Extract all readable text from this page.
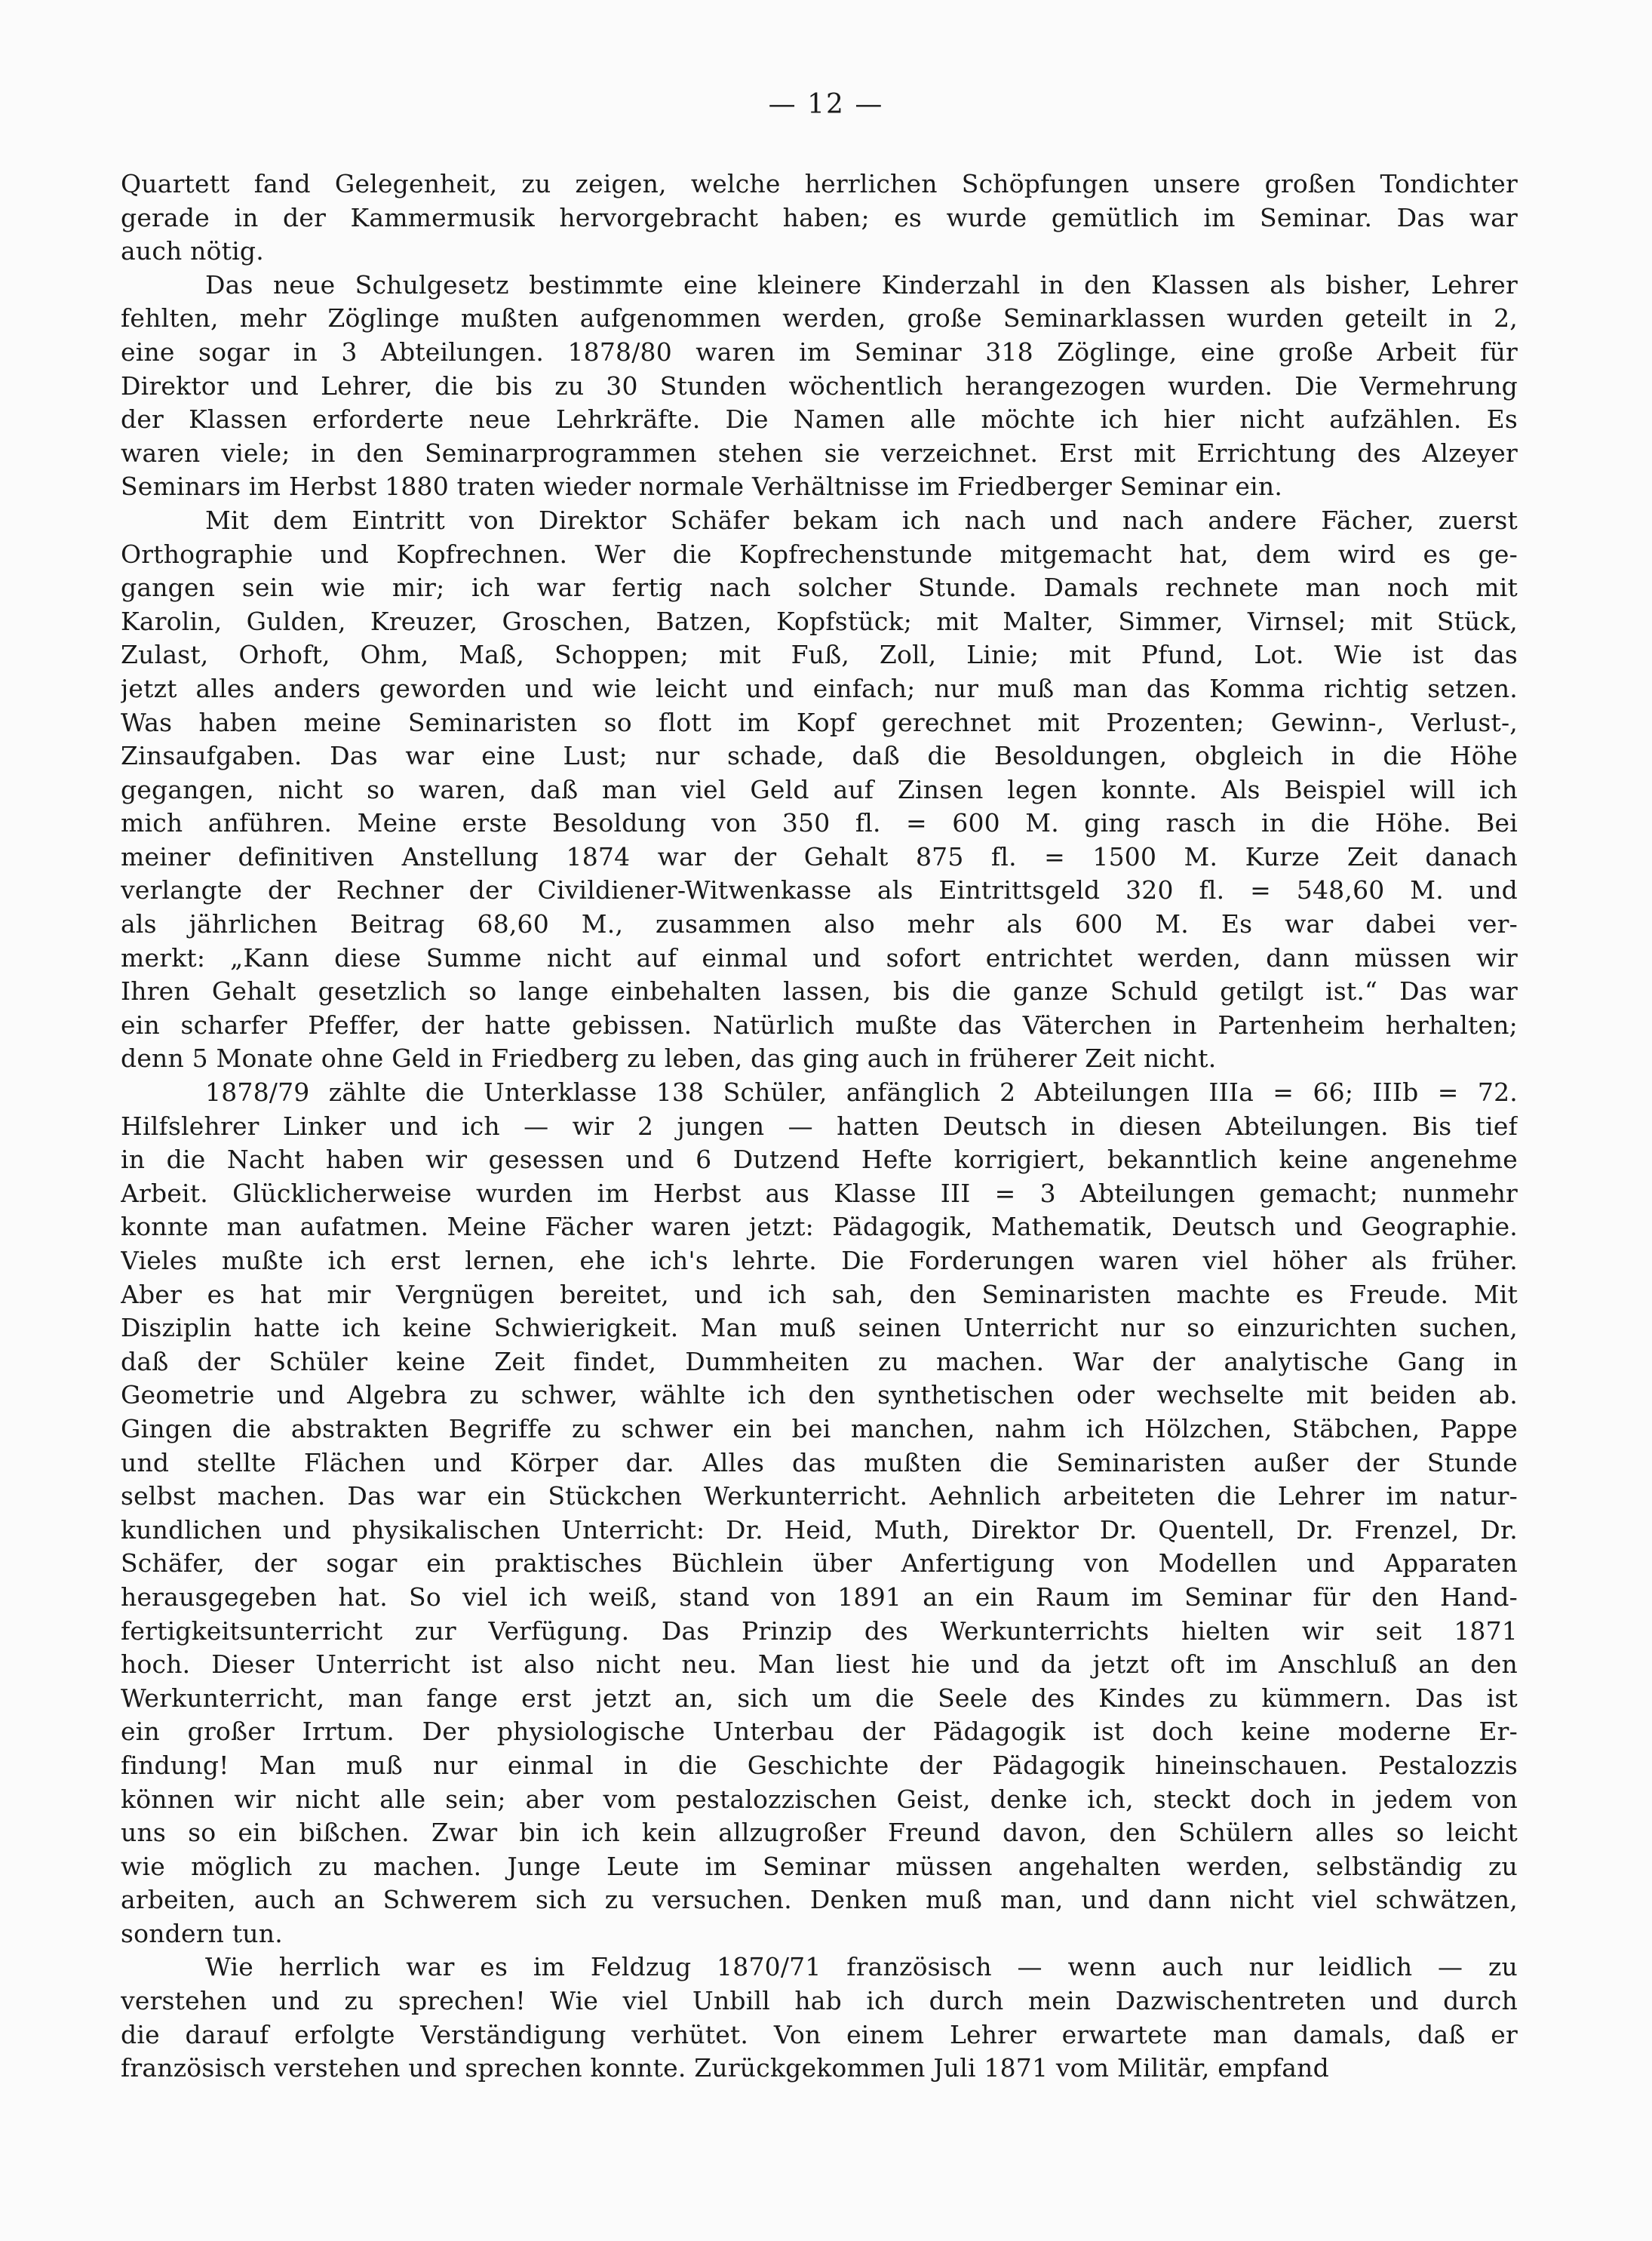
— 12 —

Quartett fand Gelegenheit, zu zeigen, welche herrlichen Schöpfungen unsere großen Tondichter
gerade in der Kammermusik hervorgebracht haben; es wurde gemütlich im Seminar. Das war
auch nötig.

Das neue Schulgesetz bestimmte eine kleinere Kinderzahl in den Klassen als bisher, Lehrer
fehlten, mehr Zöglinge mußten aufgenommen werden, große Seminarklassen wurden geteilt in 2,
eine sogar in 3 Abteilungen. 1878/80 waren im Seminar 318 Zöglinge, eine große Arbeit für
Direktor und Lehrer, die bis zu 30 Stunden wöchentlich herangezogen wurden. Die Vermehrung
der Klassen erforderte neue Lehrkräfte. Die Namen alle möchte ich hier nicht aufzählen. Es
waren viele; in den Seminarprogrammen stehen sie verzeichnet. Erst mit Errichtung des Alzeyer
Seminars im Herbst 1880 traten wieder normale Verhältnisse im Friedberger Seminar ein.

Mit dem Eintritt von Direktor Schäfer bekam ich nach und nach andere Fächer, zuerst
Orthographie und Kopfrechnen. Wer die Kopfrechenstunde mitgemacht hat, dem wird es ge-
gangen sein wie mir; ich war fertig nach solcher Stunde. Damals rechnete man noch mit
Karolin, Gulden, Kreuzer, Groschen, Batzen, Kopfstück; mit Malter, Simmer, Virnsel; mit Stück,
Zulast, Orhoft, Ohm, Maß, Schoppen; mit Fuß, Zoll, Linie; mit Pfund, Lot. Wie ist das
jetzt alles anders geworden und wie leicht und einfach; nur muß man das Komma richtig setzen.
Was haben meine Seminaristen so flott im Kopf gerechnet mit Prozenten; Gewinn-, Verlust-,
Zinsaufgaben. Das war eine Lust; nur schade, daß die Besoldungen, obgleich in die Höhe
gegangen, nicht so waren, daß man viel Geld auf Zinsen legen konnte. Als Beispiel will ich
mich anführen. Meine erste Besoldung von 350 fl. = 600 M. ging rasch in die Höhe. Bei
meiner definitiven Anstellung 1874 war der Gehalt 875 fl. = 1500 M. Kurze Zeit danach
verlangte der Rechner der Civildiener-Witwenkasse als Eintrittsgeld 320 fl. = 548,60 M. und
als jährlichen Beitrag 68,60 M., zusammen also mehr als 600 M. Es war dabei ver-
merkt: „Kann diese Summe nicht auf einmal und sofort entrichtet werden, dann müssen wir
Ihren Gehalt gesetzlich so lange einbehalten lassen, bis die ganze Schuld getilgt ist.“ Das war
ein scharfer Pfeffer, der hatte gebissen. Natürlich mußte das Väterchen in Partenheim herhalten;
denn 5 Monate ohne Geld in Friedberg zu leben, das ging auch in früherer Zeit nicht.

1878/79 zählte die Unterklasse 138 Schüler, anfänglich 2 Abteilungen IIIa = 66; IIIb = 72.
Hilfslehrer Linker und ich — wir 2 jungen — hatten Deutsch in diesen Abteilungen. Bis tief
in die Nacht haben wir gesessen und 6 Dutzend Hefte korrigiert, bekanntlich keine angenehme
Arbeit. Glücklicherweise wurden im Herbst aus Klasse III = 3 Abteilungen gemacht; nunmehr
konnte man aufatmen. Meine Fächer waren jetzt: Pädagogik, Mathematik, Deutsch und Geographie.
Vieles mußte ich erst lernen, ehe ich's lehrte. Die Forderungen waren viel höher als früher.
Aber es hat mir Vergnügen bereitet, und ich sah, den Seminaristen machte es Freude. Mit
Disziplin hatte ich keine Schwierigkeit. Man muß seinen Unterricht nur so einzurichten suchen,
daß der Schüler keine Zeit findet, Dummheiten zu machen. War der analytische Gang in
Geometrie und Algebra zu schwer, wählte ich den synthetischen oder wechselte mit beiden ab.
Gingen die abstrakten Begriffe zu schwer ein bei manchen, nahm ich Hölzchen, Stäbchen, Pappe
und stellte Flächen und Körper dar. Alles das mußten die Seminaristen außer der Stunde
selbst machen. Das war ein Stückchen Werkunterricht. Aehnlich arbeiteten die Lehrer im natur-
kundlichen und physikalischen Unterricht: Dr. Heid, Muth, Direktor Dr. Quentell, Dr. Frenzel, Dr.
Schäfer, der sogar ein praktisches Büchlein über Anfertigung von Modellen und Apparaten
herausgegeben hat. So viel ich weiß, stand von 1891 an ein Raum im Seminar für den Hand-
fertigkeitsunterricht zur Verfügung. Das Prinzip des Werkunterrichts hielten wir seit 1871
hoch. Dieser Unterricht ist also nicht neu. Man liest hie und da jetzt oft im Anschluß an den
Werkunterricht, man fange erst jetzt an, sich um die Seele des Kindes zu kümmern. Das ist
ein großer Irrtum. Der physiologische Unterbau der Pädagogik ist doch keine moderne Er-
findung! Man muß nur einmal in die Geschichte der Pädagogik hineinschauen. Pestalozzis
können wir nicht alle sein; aber vom pestalozzischen Geist, denke ich, steckt doch in jedem von
uns so ein bißchen. Zwar bin ich kein allzugroßer Freund davon, den Schülern alles so leicht
wie möglich zu machen. Junge Leute im Seminar müssen angehalten werden, selbständig zu
arbeiten, auch an Schwerem sich zu versuchen. Denken muß man, und dann nicht viel schwätzen,
sondern tun.

Wie herrlich war es im Feldzug 1870/71 französisch — wenn auch nur leidlich — zu
verstehen und zu sprechen! Wie viel Unbill hab ich durch mein Dazwischentreten und durch
die darauf erfolgte Verständigung verhütet. Von einem Lehrer erwartete man damals, daß er
französisch verstehen und sprechen konnte. Zurückgekommen Juli 1871 vom Militär, empfand
